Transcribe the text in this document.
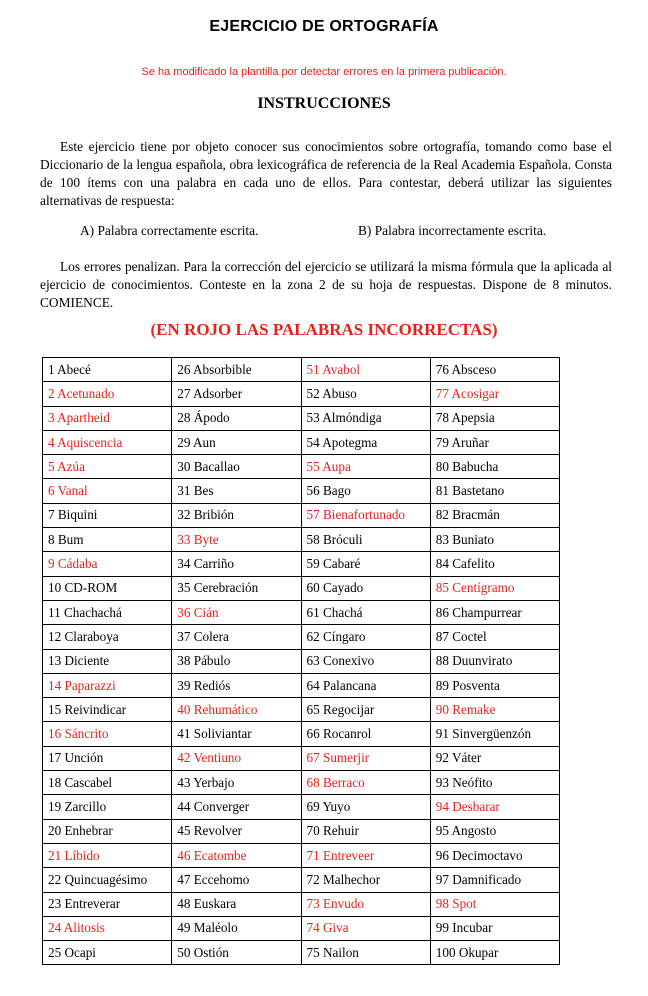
EJERCICIO DE ORTOGRAFÍA
Se ha modificado la plantilla por detectar errores en la primera publicación.
INSTRUCCIONES

Este ejercicio tiene por objeto conocer sus conocimientos sobre ortografía, tomando como base el Diccionario de la lengua española, obra lexicográfica de referencia de la Real Academia Española. Consta de 100 ítems con una palabra en cada uno de ellos. Para contestar, deberá utilizar las siguientes alternativas de respuesta:

A) Palabra correctamente escrita.	B) Palabra incorrectamente escrita.

Los errores penalizan. Para la corrección del ejercicio se utilizará la misma fórmula que la aplicada al ejercicio de conocimientos. Conteste en la zona 2 de su hoja de respuestas. Dispone de 8 minutos. COMIENCE.

(EN ROJO LAS PALABRAS INCORRECTAS)
1 Abecé	26 Absorbible	51 Avabol	76 Absceso
2 Acetunado	27 Adsorber	52 Abuso	77 Acosigar
3 Apartheid	28 Ápodo	53 Almóndiga	78 Apepsia
4 Aquiscencia	29 Aun	54 Apotegma	79 Aruñar
5 Azúa	30 Bacallao	55 Aupa	80 Babucha
6 Vanal	31 Bes	56 Bago	81 Bastetano
7 Biquini	32 Bribión	57 Bienafortunado	82 Bracmán
8 Bum	33 Byte	58 Bróculi	83 Buniato
9 Cádaba	34 Carriño	59 Cabaré	84 Cafelito
10 CD-ROM	35 Cerebración	60 Cayado	85 Centígramo
11 Chachachá	36 Cián	61 Chachá	86 Champurrear
12 Claraboya	37 Colera	62 Cíngaro	87 Coctel
13 Diciente	38 Pábulo	63 Conexivo	88 Duunvirato
14 Paparazzi	39 Rediós	64 Palancana	89 Posventa
15 Reivindicar	40 Rehumático	65 Regocijar	90 Remake
16 Sáncrito	41 Soliviantar	66 Rocanrol	91 Sinvergüenzón
17 Unción	42 Ventiuno	67 Sumerjir	92 Váter
18 Cascabel	43 Yerbajo	68 Berraco	93 Neófito
19 Zarcillo	44 Converger	69 Yuyo	94 Desbarar
20 Enhebrar	45 Revolver	70 Rehuir	95 Angosto
21 Líbido	46 Ecatombe	71 Entreveer	96 Decimoctavo
22 Quincuagésimo	47 Eccehomo	72 Malhechor	97 Damnificado
23 Entreverar	48 Euskara	73 Envudo	98 Spot
24 Alitosis	49 Maléolo	74 Giva	99 Incubar
25 Ocapi	50 Ostión	75 Nailon	100 Okupar
